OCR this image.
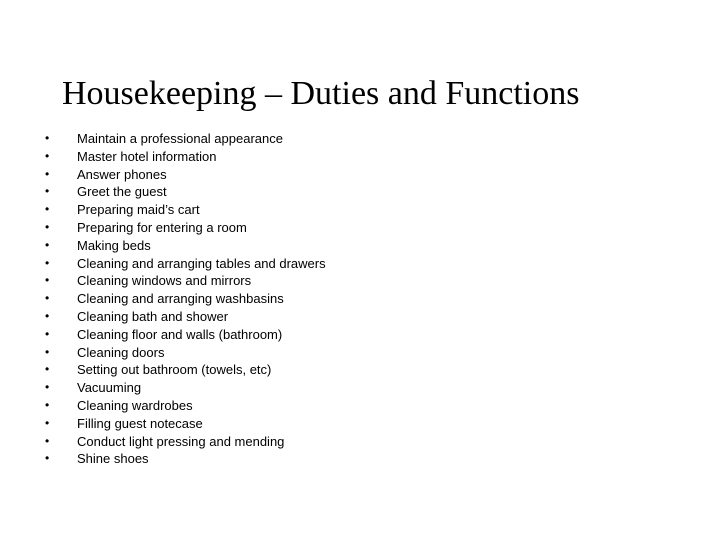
Housekeeping – Duties and Functions
• Maintain a professional appearance
• Master hotel information
• Answer phones
• Greet the guest
• Preparing maid’s cart
• Preparing for entering a room
• Making beds
• Cleaning and arranging tables and drawers
• Cleaning windows and mirrors
• Cleaning and arranging washbasins
• Cleaning bath and shower
• Cleaning floor and walls (bathroom)
• Cleaning doors
• Setting out bathroom (towels, etc)
• Vacuuming
• Cleaning wardrobes
• Filling guest notecase
• Conduct light pressing and mending
• Shine shoes
